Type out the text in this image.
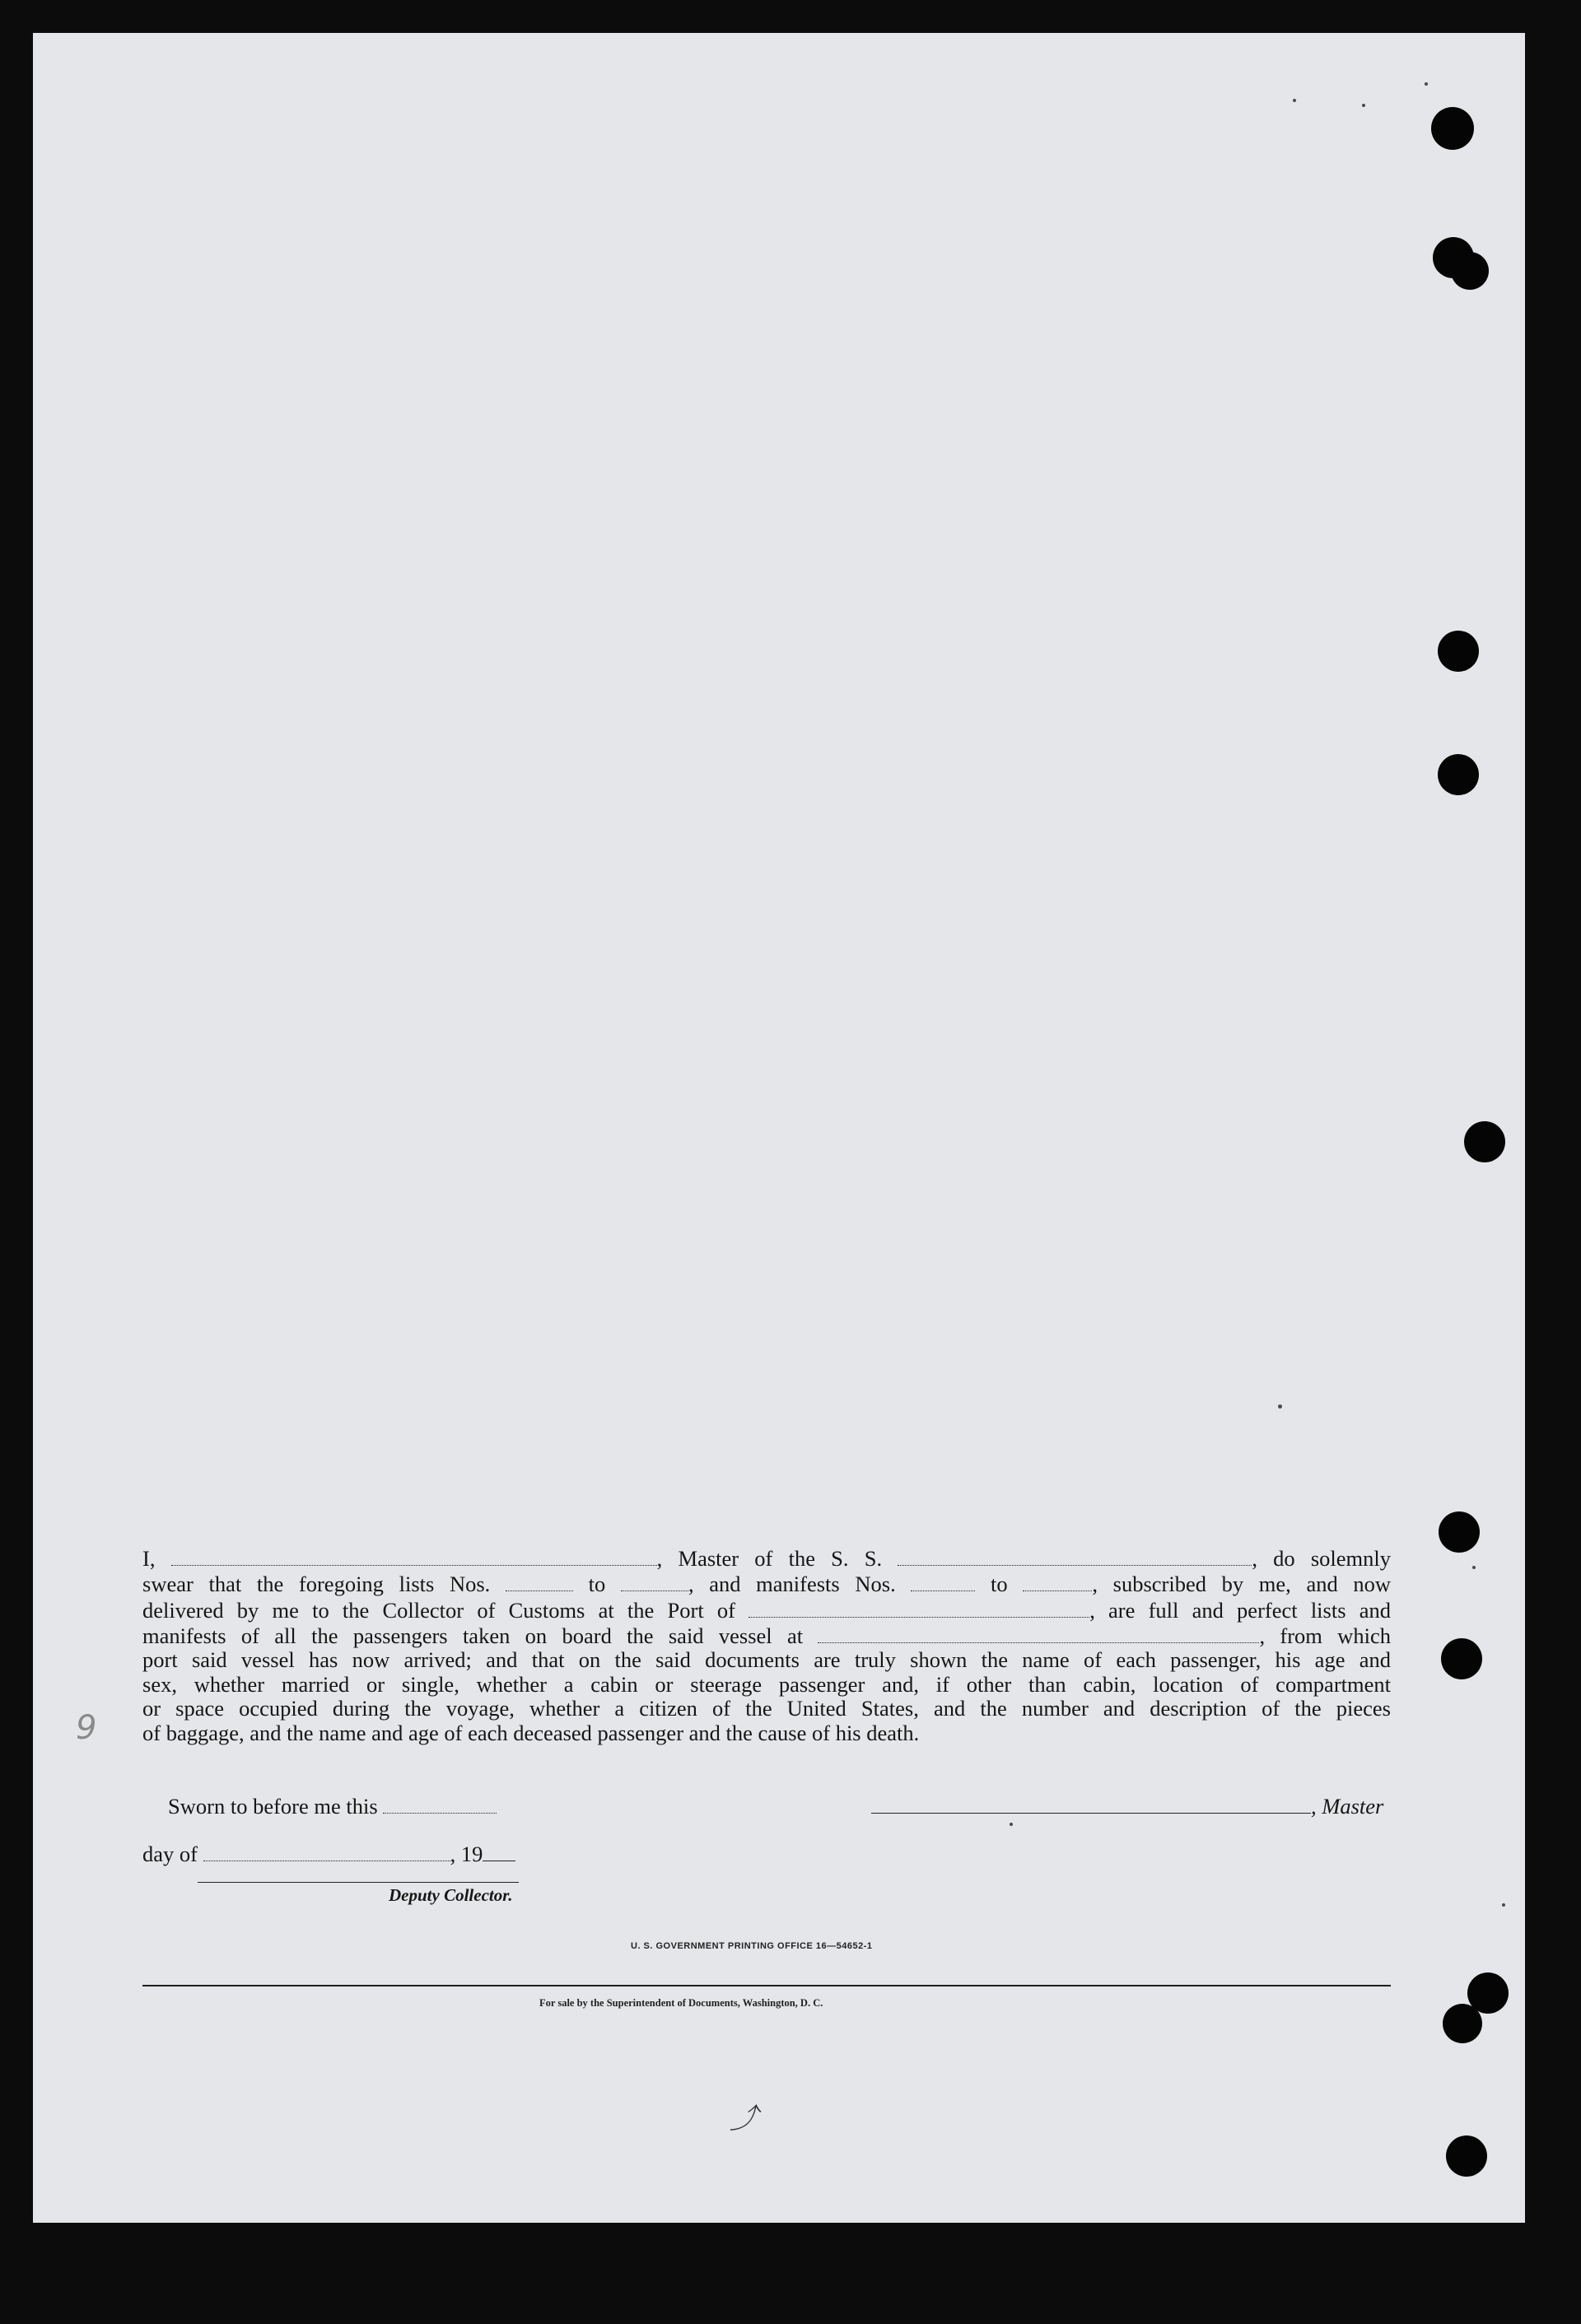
9
⤴
I,	, Master of the S. S.	, do solemnly
swear that the foregoing lists Nos.	to	, and manifests Nos.	to	, subscribed by me, and now
delivered by me to the Collector of Customs at the Port of	, are full and perfect lists and
manifests of all the passengers taken on board the said vessel at	, from which
port said vessel has now arrived; and that on the said documents are truly shown the name of each passenger, his age and
sex, whether married or single, whether a cabin or steerage passenger and, if other than cabin, location of compartment
or space occupied during the voyage, whether a citizen of the United States, and the number and description of the pieces
of baggage, and the name and age of each deceased passenger and the cause of his death.
Sworn to before me this	, Master
day of	, 19
Deputy Collector.
U. S. GOVERNMENT PRINTING OFFICE 16—54652-1
For sale by the Superintendent of Documents, Washington, D. C.
